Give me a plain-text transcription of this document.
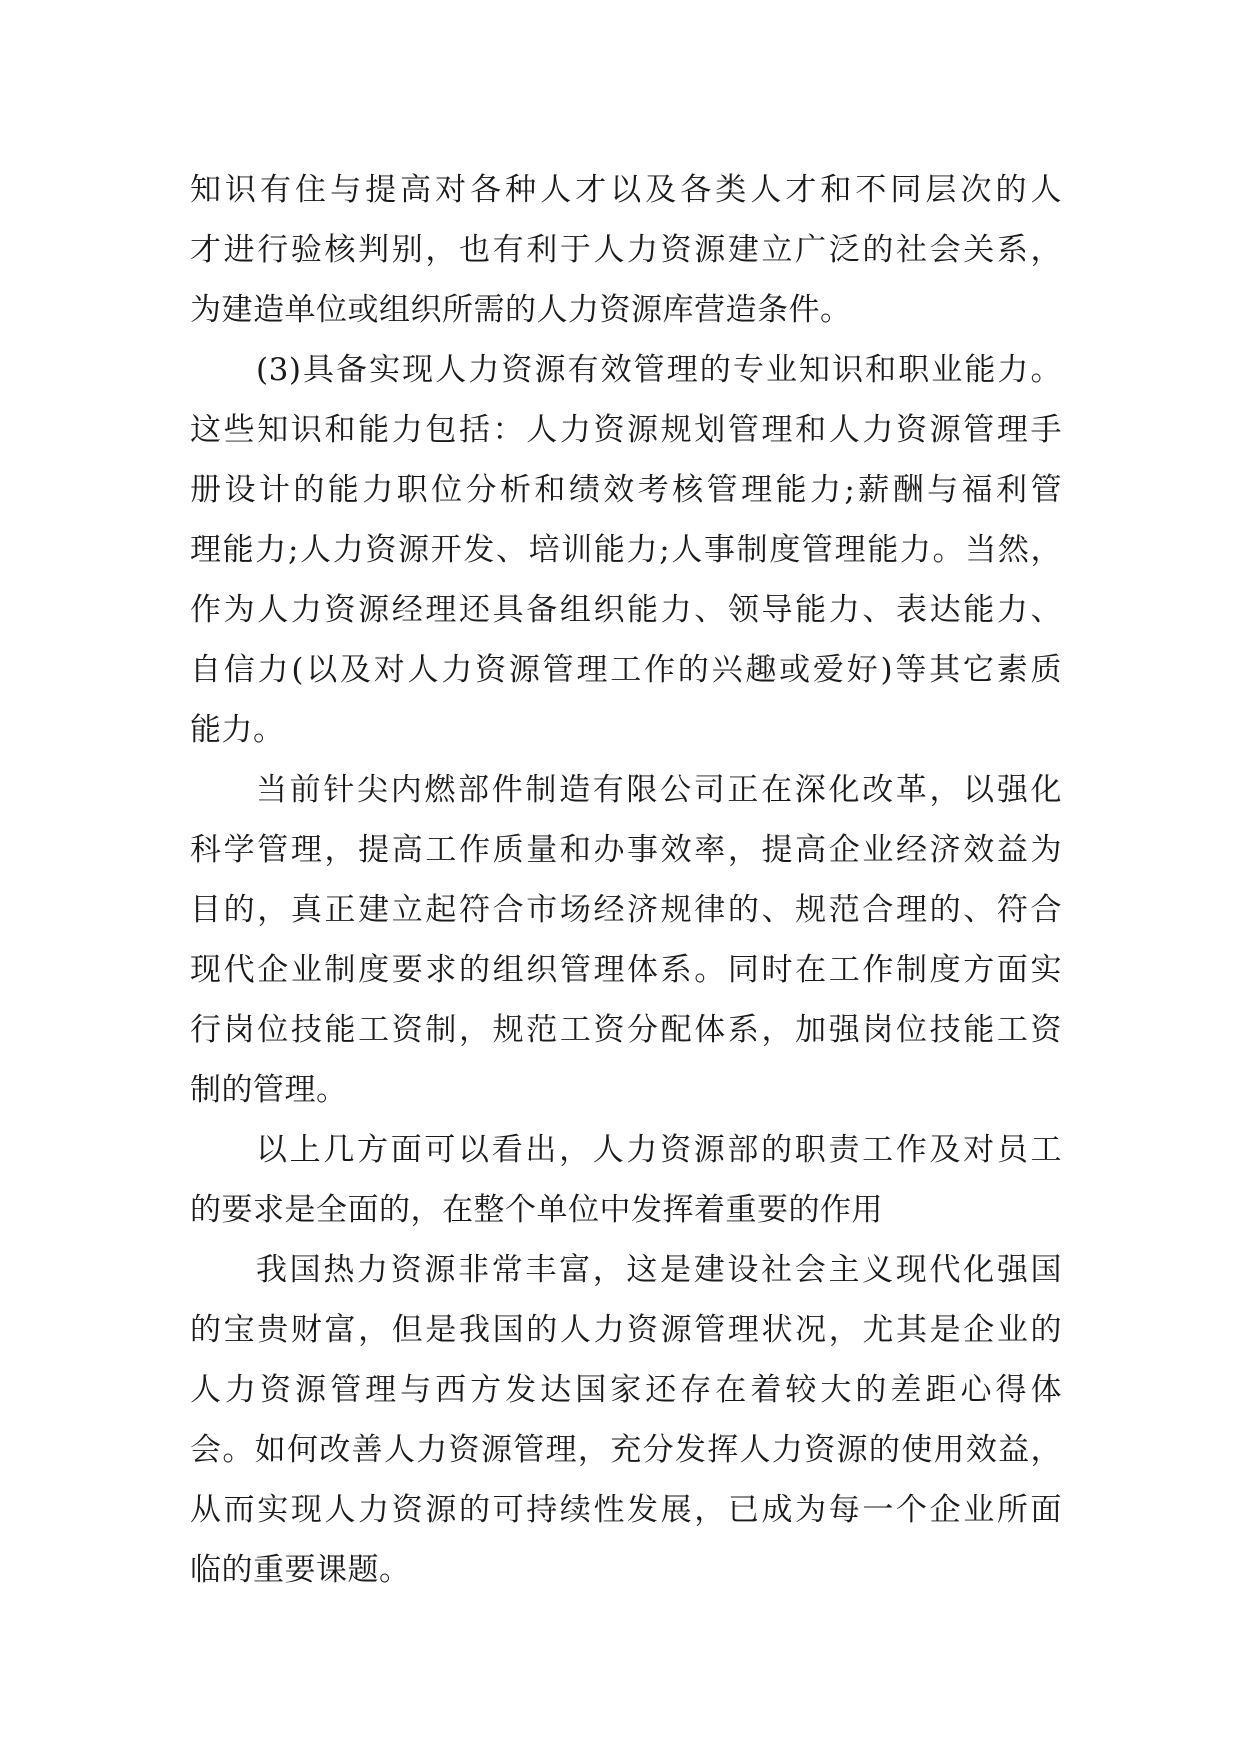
知识有住与提高对各种人才以及各类人才和不同层次的人
才进行验核判别，也有利于人力资源建立广泛的社会关系，
为建造单位或组织所需的人力资源库营造条件。
(3)具备实现人力资源有效管理的专业知识和职业能力。
这些知识和能力包括：人力资源规划管理和人力资源管理手
册设计的能力职位分析和绩效考核管理能力;薪酬与福利管
理能力;人力资源开发、培训能力;人事制度管理能力。当然，
作为人力资源经理还具备组织能力、领导能力、表达能力、
自信力(以及对人力资源管理工作的兴趣或爱好)等其它素质
能力。
当前针尖内燃部件制造有限公司正在深化改革，以强化
科学管理，提高工作质量和办事效率，提高企业经济效益为
目的，真正建立起符合市场经济规律的、规范合理的、符合
现代企业制度要求的组织管理体系。同时在工作制度方面实
行岗位技能工资制，规范工资分配体系，加强岗位技能工资
制的管理。
以上几方面可以看出，人力资源部的职责工作及对员工
的要求是全面的，在整个单位中发挥着重要的作用
我国热力资源非常丰富，这是建设社会主义现代化强国
的宝贵财富，但是我国的人力资源管理状况，尤其是企业的
人力资源管理与西方发达国家还存在着较大的差距心得体
会。如何改善人力资源管理，充分发挥人力资源的使用效益，
从而实现人力资源的可持续性发展，已成为每一个企业所面
临的重要课题。
